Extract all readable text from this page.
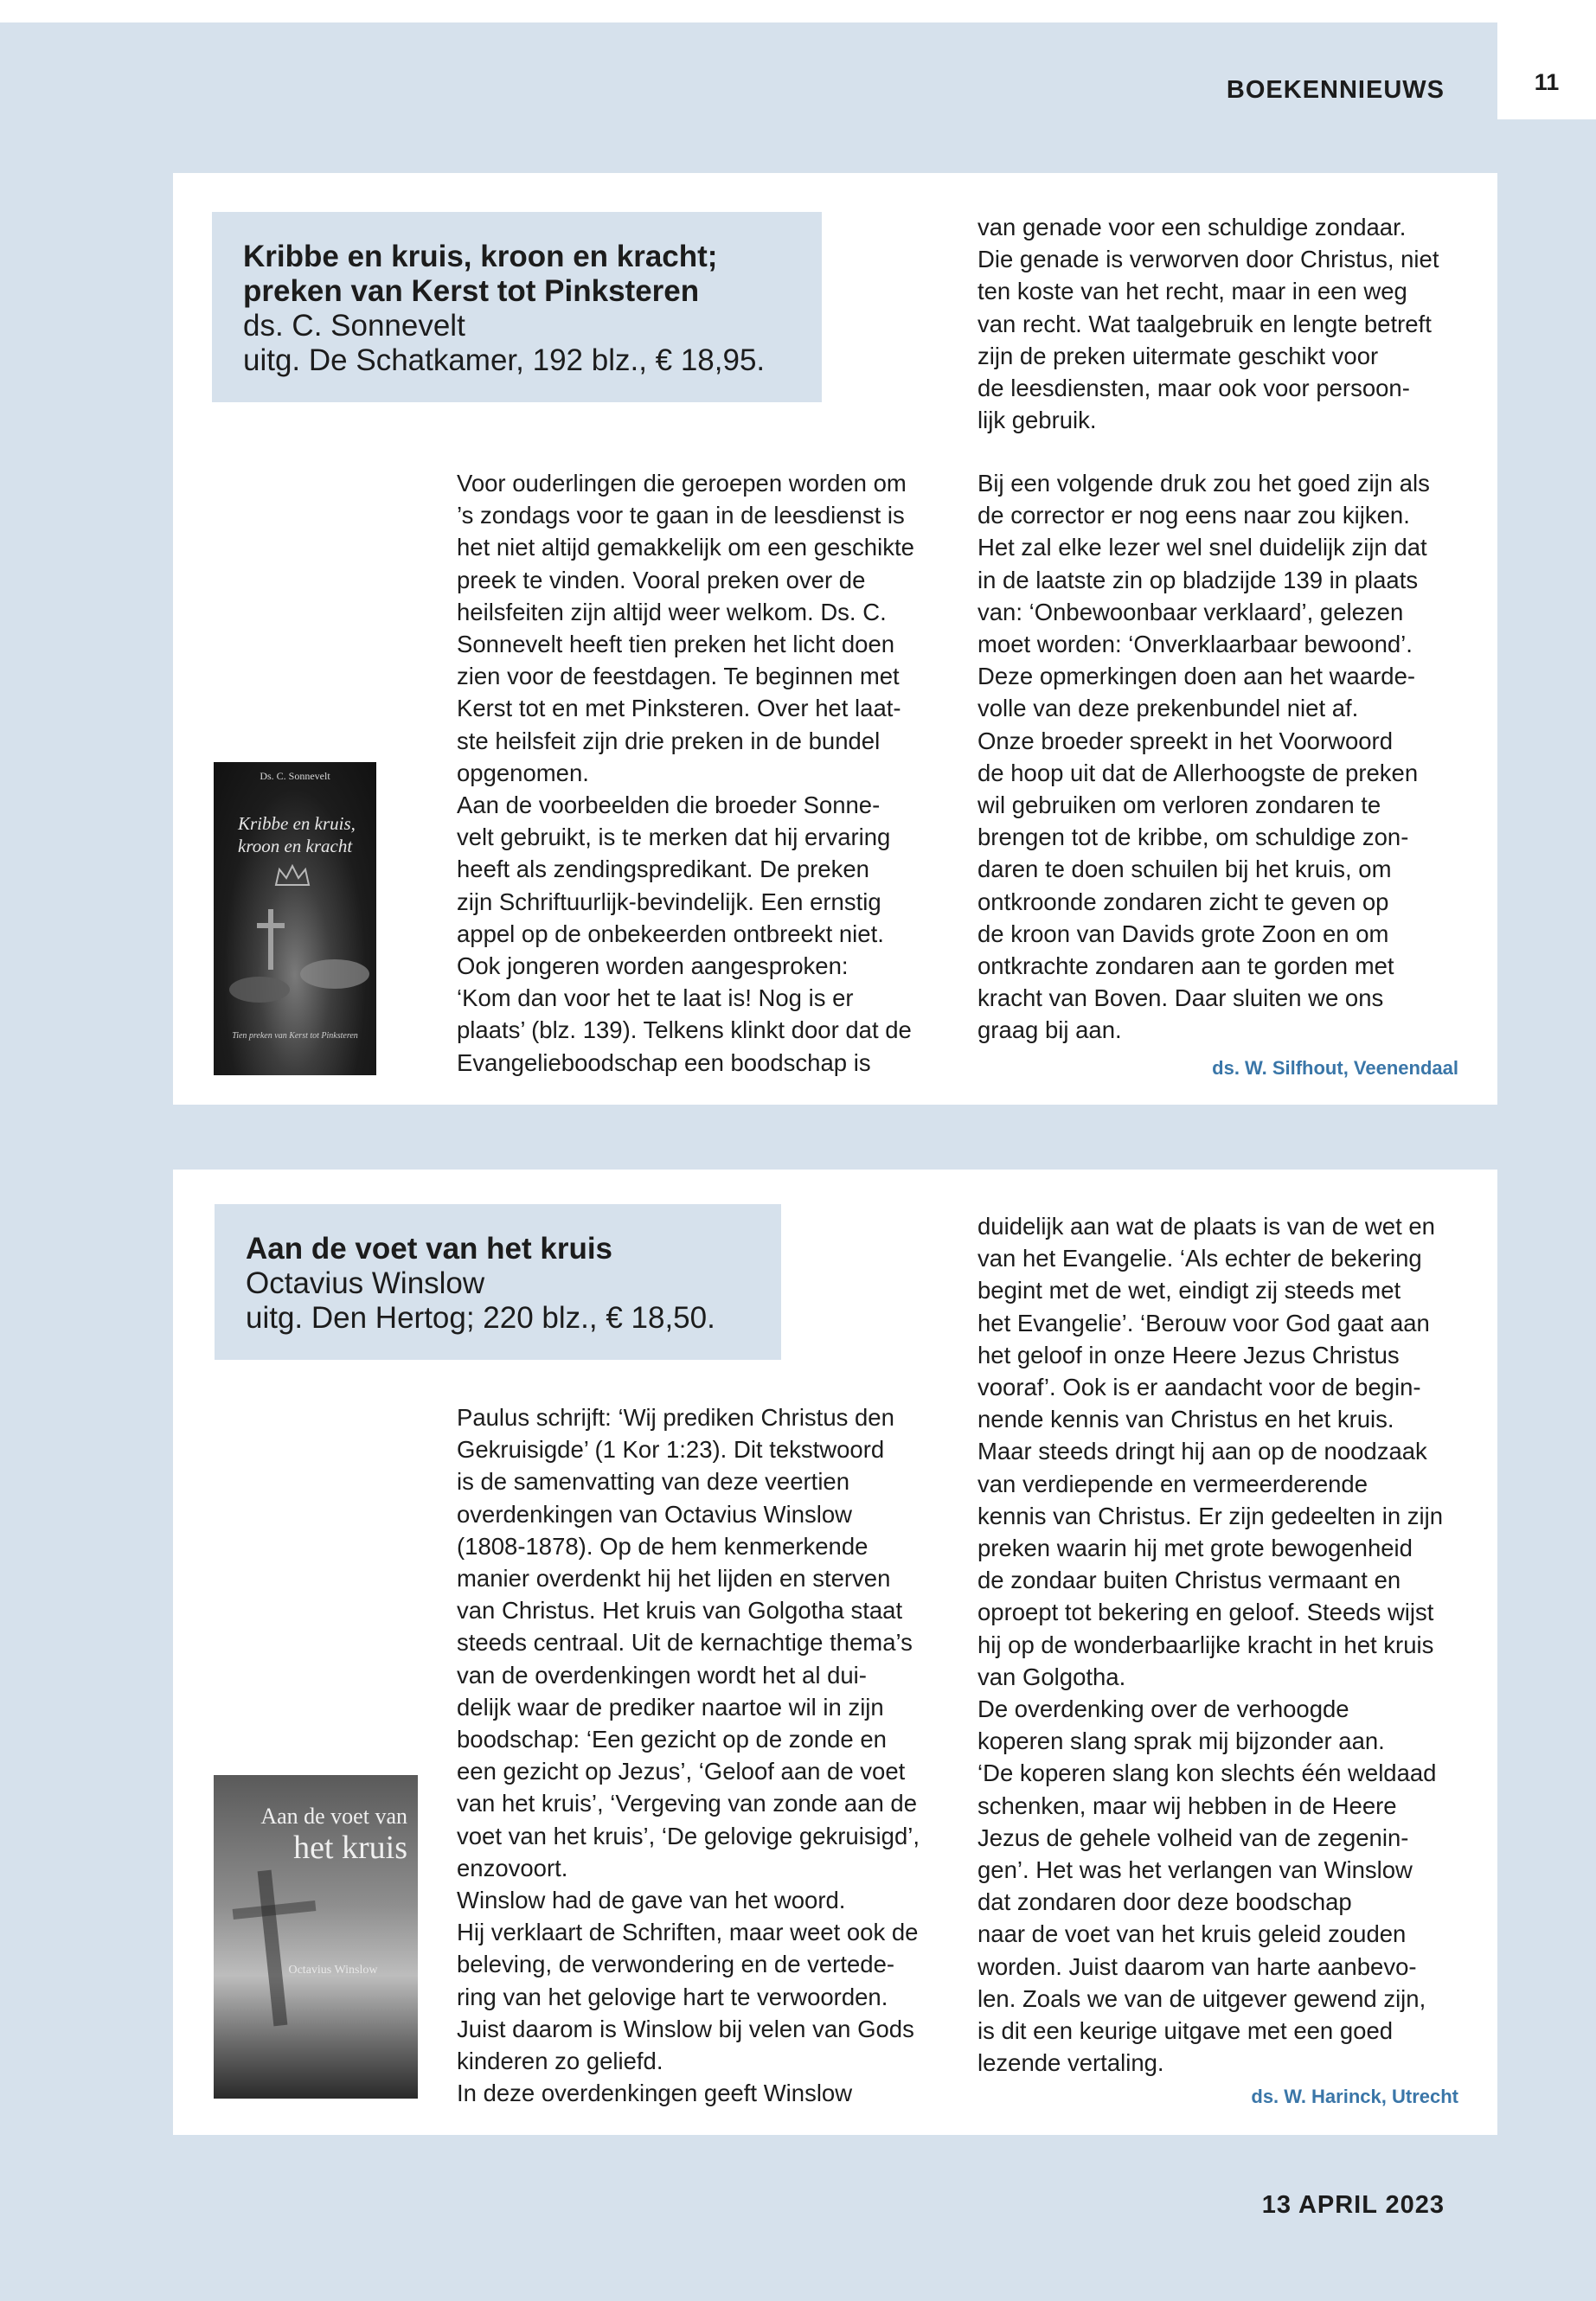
11
BOEKENNIEUWS
Kribbe en kruis, kroon en kracht;
preken van Kerst tot Pinksteren
ds. C. Sonnevelt
uitg. De Schatkamer, 192 blz., € 18,95.
Ds. C. Sonnevelt
Kribbe en kruis,
kroon en kracht
Tien preken van Kerst tot Pinksteren
Voor ouderlingen die geroepen worden om
’s zondags voor te gaan in de leesdienst is
het niet altijd gemakkelijk om een geschikte
preek te vinden. Vooral preken over de
heilsfeiten zijn altijd weer welkom. Ds. C.
Sonnevelt heeft tien preken het licht doen
zien voor de feestdagen. Te beginnen met
Kerst tot en met Pinksteren. Over het laat-
ste heilsfeit zijn drie preken in de bundel
opgenomen.
Aan de voorbeelden die broeder Sonne-
velt gebruikt, is te merken dat hij ervaring
heeft als zendingspredikant. De preken
zijn Schriftuurlijk-bevindelijk. Een ernstig
appel op de onbekeerden ontbreekt niet.
Ook jongeren worden aangesproken:
‘Kom dan voor het te laat is! Nog is er
plaats’ (blz. 139). Telkens klinkt door dat de
Evangelieboodschap een boodschap is
van genade voor een schuldige zondaar.
Die genade is verworven door Christus, niet
ten koste van het recht, maar in een weg
van recht. Wat taalgebruik en lengte betreft
zijn de preken uitermate geschikt voor
de leesdiensten, maar ook voor persoon-
lijk gebruik.
Bij een volgende druk zou het goed zijn als
de corrector er nog eens naar zou kijken.
Het zal elke lezer wel snel duidelijk zijn dat
in de laatste zin op bladzijde 139 in plaats
van: ‘Onbewoonbaar verklaard’, gelezen
moet worden: ‘Onverklaarbaar bewoond’.
Deze opmerkingen doen aan het waarde-
volle van deze prekenbundel niet af.
Onze broeder spreekt in het Voorwoord
de hoop uit dat de Allerhoogste de preken
wil gebruiken om verloren zondaren te
brengen tot de kribbe, om schuldige zon-
daren te doen schuilen bij het kruis, om
ontkroonde zondaren zicht te geven op
de kroon van Davids grote Zoon en om
ontkrachte zondaren aan te gorden met
kracht van Boven. Daar sluiten we ons
graag bij aan.
ds. W. Silfhout, Veenendaal
Aan de voet van het kruis
Octavius Winslow
uitg. Den Hertog; 220 blz., € 18,50.
Aan de voet van
het kruis
Octavius Winslow
Paulus schrijft: ‘Wij prediken Christus den
Gekruisigde’ (1 Kor 1:23). Dit tekstwoord
is de samenvatting van deze veertien
overdenkingen van Octavius Winslow
(1808-1878). Op de hem kenmerkende
manier overdenkt hij het lijden en sterven
van Christus. Het kruis van Golgotha staat
steeds centraal. Uit de kernachtige thema’s
van de overdenkingen wordt het al dui-
delijk waar de prediker naartoe wil in zijn
boodschap: ‘Een gezicht op de zonde en
een gezicht op Jezus’, ‘Geloof aan de voet
van het kruis’, ‘Vergeving van zonde aan de
voet van het kruis’, ‘De gelovige gekruisigd’,
enzovoort.
Winslow had de gave van het woord.
Hij verklaart de Schriften, maar weet ook de
beleving, de verwondering en de vertede-
ring van het gelovige hart te verwoorden.
Juist daarom is Winslow bij velen van Gods
kinderen zo geliefd.
In deze overdenkingen geeft Winslow
duidelijk aan wat de plaats is van de wet en
van het Evangelie. ‘Als echter de bekering
begint met de wet, eindigt zij steeds met
het Evangelie’. ‘Berouw voor God gaat aan
het geloof in onze Heere Jezus Christus
vooraf’. Ook is er aandacht voor de begin-
nende kennis van Christus en het kruis.
Maar steeds dringt hij aan op de noodzaak
van verdiepende en vermeerderende
kennis van Christus. Er zijn gedeelten in zijn
preken waarin hij met grote bewogenheid
de zondaar buiten Christus vermaant en
oproept tot bekering en geloof. Steeds wijst
hij op de wonderbaarlijke kracht in het kruis
van Golgotha.
De overdenking over de verhoogde
koperen slang sprak mij bijzonder aan.
‘De koperen slang kon slechts één weldaad
schenken, maar wij hebben in de Heere
Jezus de gehele volheid van de zegenin-
gen’. Het was het verlangen van Winslow
dat zondaren door deze boodschap
naar de voet van het kruis geleid zouden
worden. Juist daarom van harte aanbevo-
len. Zoals we van de uitgever gewend zijn,
is dit een keurige uitgave met een goed
lezende vertaling.
ds. W. Harinck, Utrecht
13 APRIL 2023
